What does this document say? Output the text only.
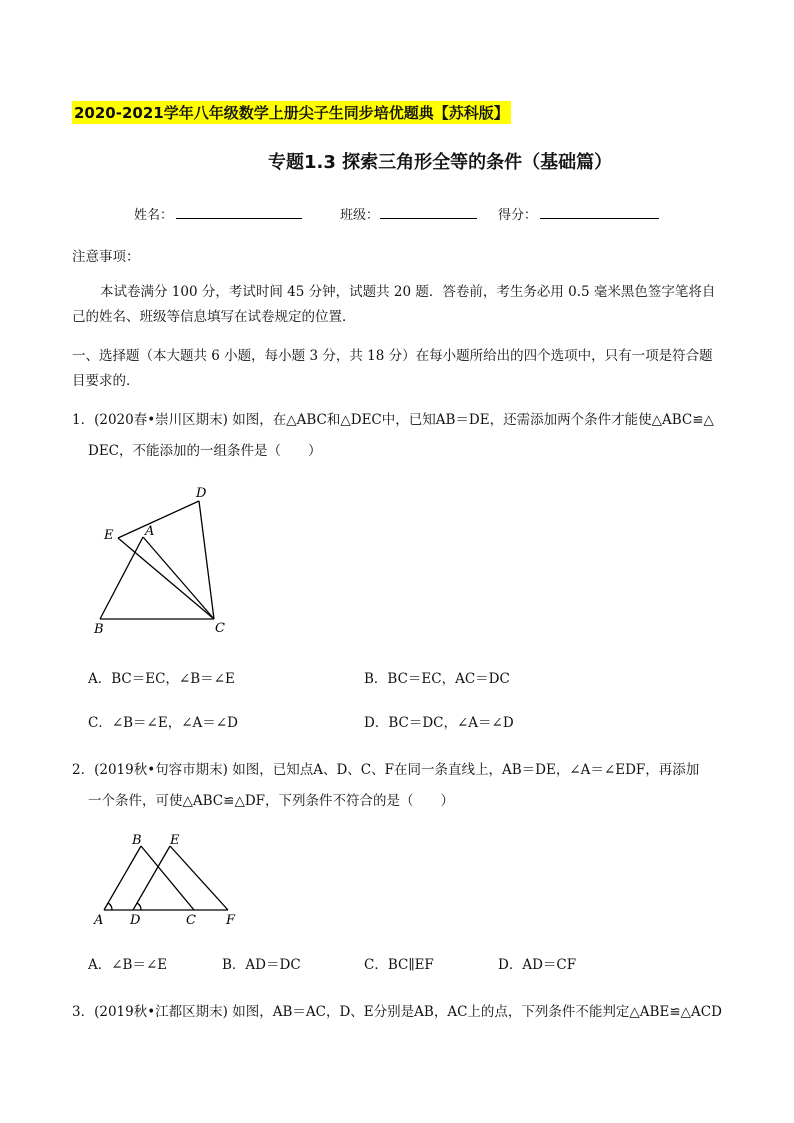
2020-2021学年八年级数学上册尖子生同步培优题典【苏科版】
专题1.3 探索三角形全等的条件（基础篇）
姓名：	班级：	得分：
注意事项：
本试卷满分 100 分，考试时间 45 分钟，试题共 20 题．答卷前，考生务必用 0.5 毫米黑色签字笔将自
己的姓名、班级等信息填写在试卷规定的位置．
一、选择题（本大题共 6 小题，每小题 3 分，共 18 分）在每小题所给出的四个选项中，只有一项是符合题
目要求的．
1．(2020春•崇川区期末) 如图，在△ABC和△DEC中，已知AB＝DE，还需添加两个条件才能使△ABC≌△
DEC，不能添加的一组条件是（　　）
D
E A
B	C
A．BC＝EC，∠B＝∠E	B．BC＝EC，AC＝DC
C．∠B＝∠E，∠A＝∠D	D．BC＝DC，∠A＝∠D
2．(2019秋•句容市期末) 如图，已知点A、D、C、F在同一条直线上，AB＝DE，∠A＝∠EDF，再添加
一个条件，可使△ABC≌△DF，下列条件不符合的是（　　）
B E
A D	C F
A．∠B＝∠E	B．AD＝DC	C．BC∥EF	D．AD＝CF
3．(2019秋•江都区期末) 如图，AB＝AC，D、E分别是AB，AC上的点，下列条件不能判定△ABE≌△ACD
